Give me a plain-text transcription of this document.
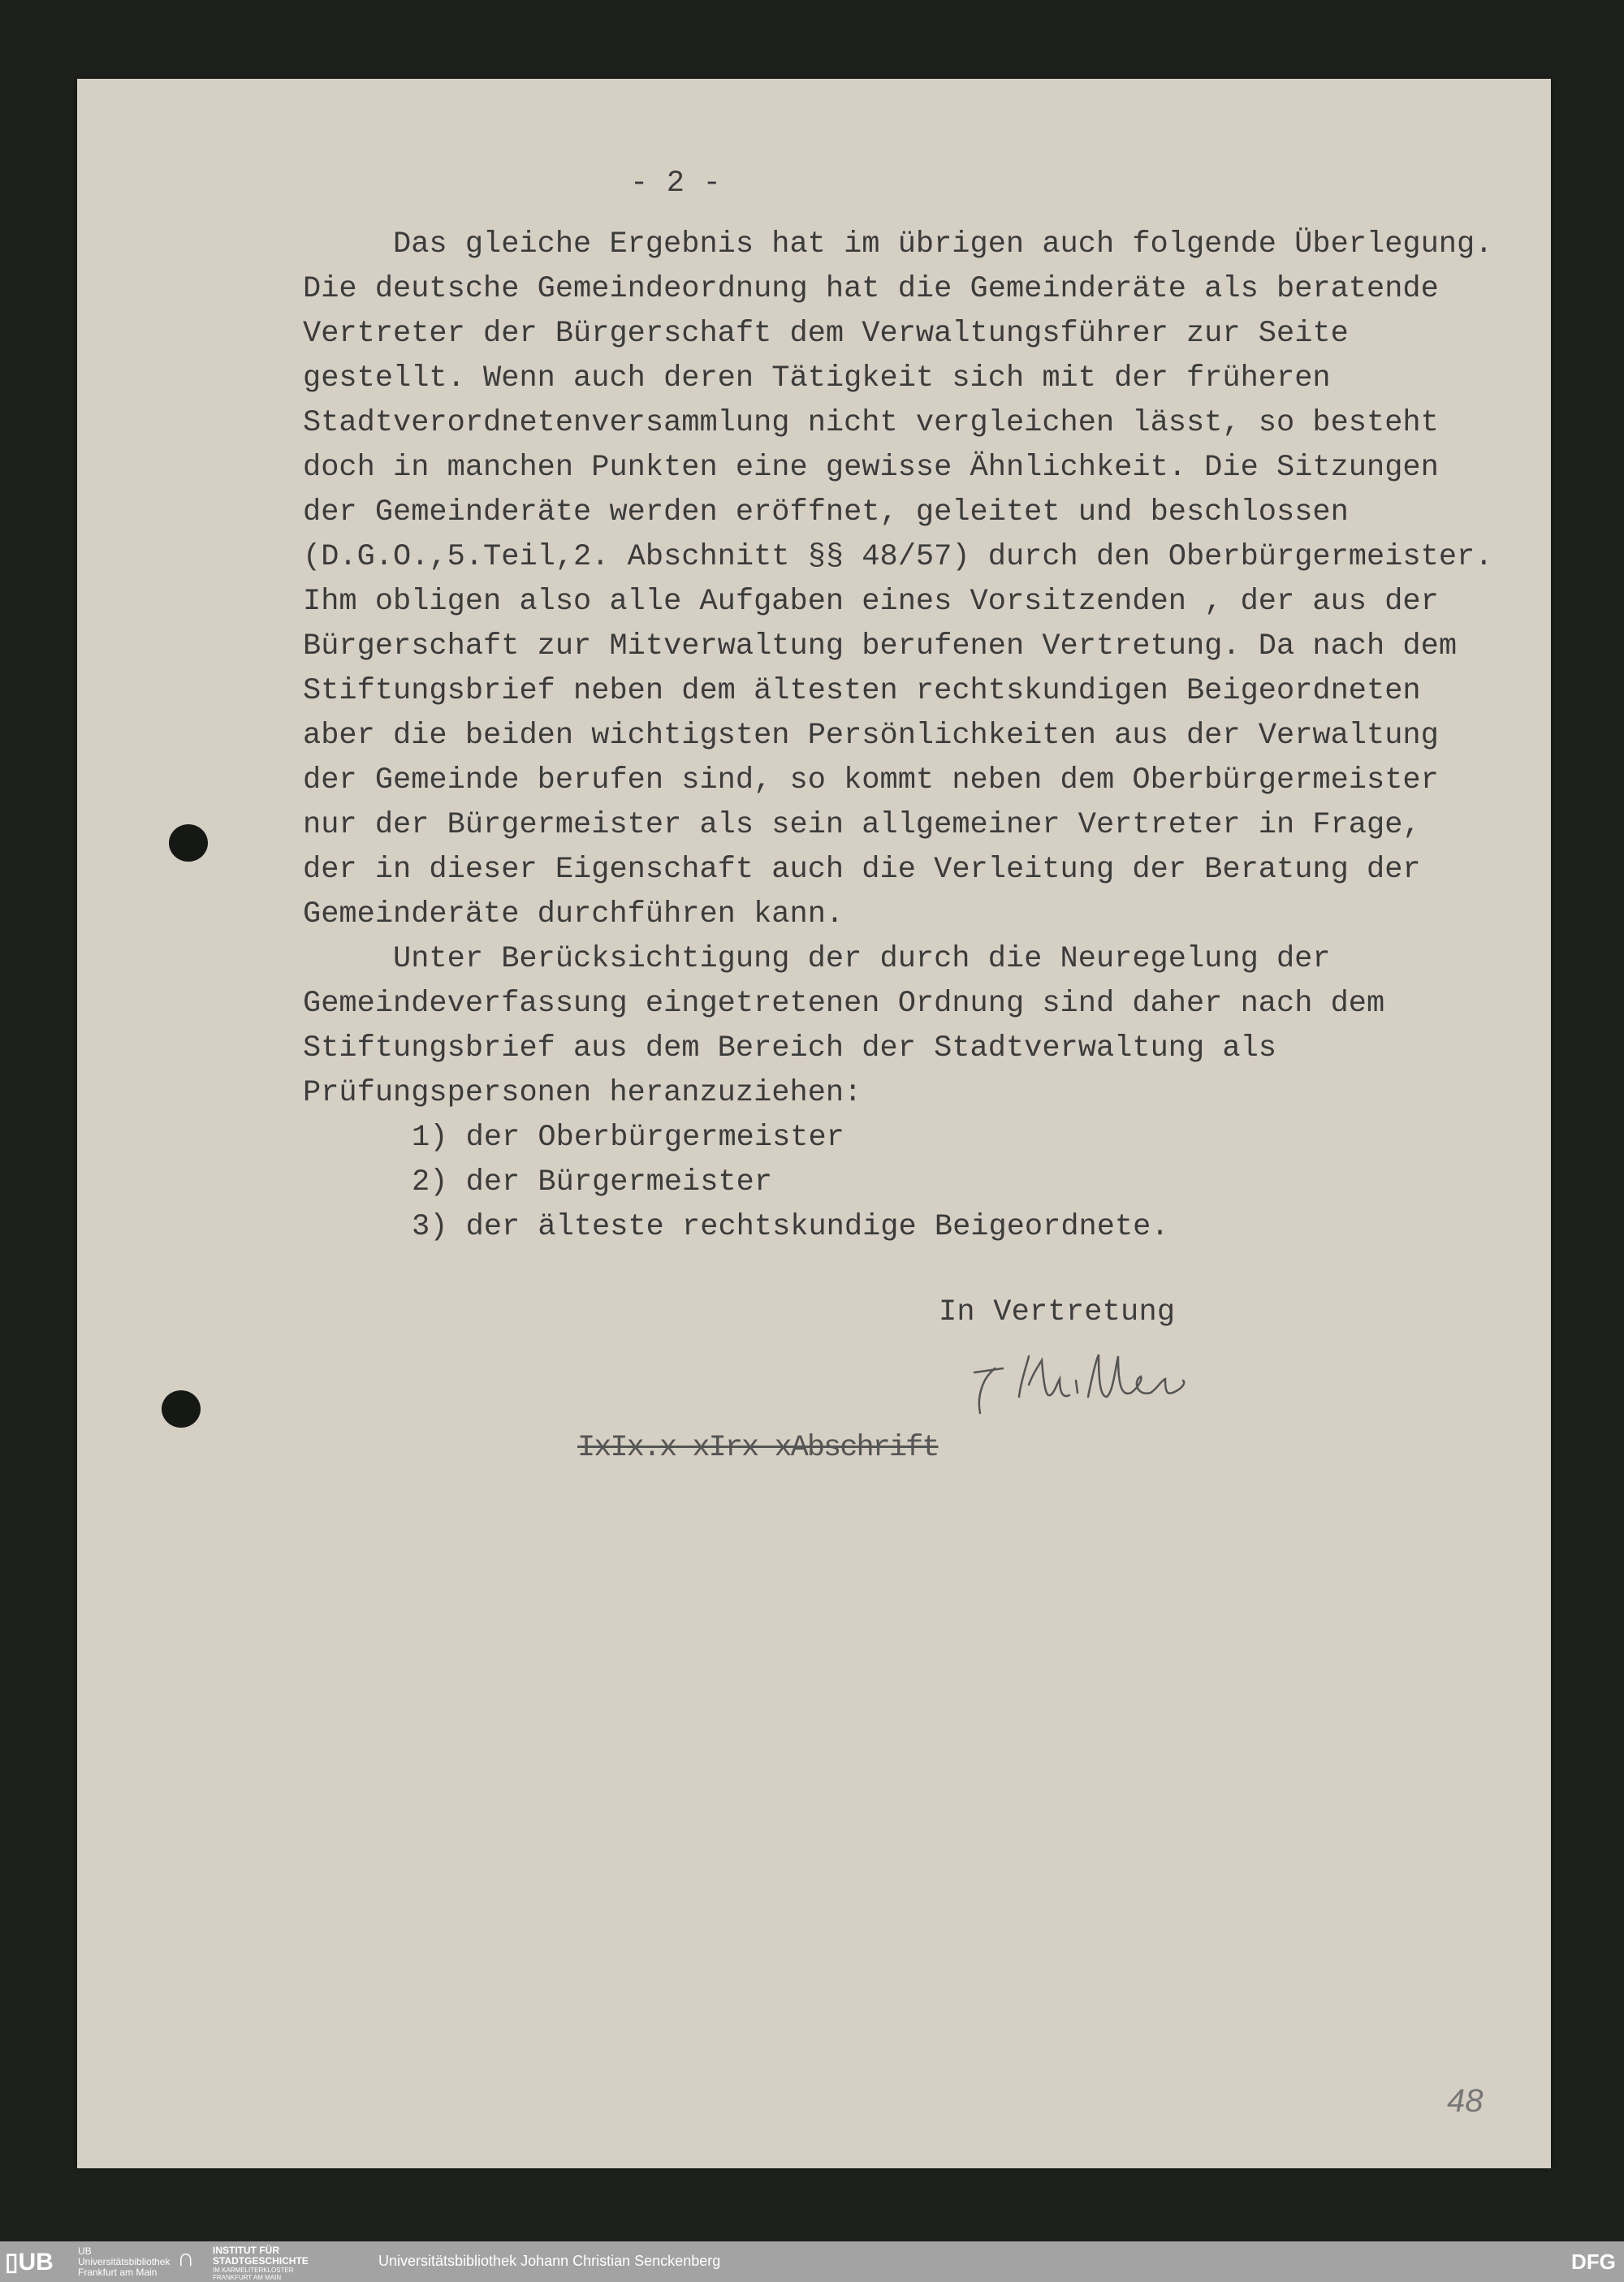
- 2 -
Das gleiche Ergebnis hat im übrigen auch folgende Überlegung.
Die deutsche Gemeindeordnung hat die Gemeinderäte als beratende
Vertreter der Bürgerschaft dem Verwaltungsführer zur Seite
gestellt. Wenn auch deren Tätigkeit sich mit der früheren
Stadtverordnetenversammlung nicht vergleichen lässt, so besteht
doch in manchen Punkten eine gewisse Ähnlichkeit. Die Sitzungen
der Gemeinderäte werden eröffnet, geleitet und beschlossen
(D.G.O.,5.Teil,2. Abschnitt §§ 48/57) durch den Oberbürgermeister.
Ihm obligen also alle Aufgaben eines Vorsitzenden , der aus der
Bürgerschaft zur Mitverwaltung berufenen Vertretung. Da nach dem
Stiftungsbrief neben dem ältesten rechtskundigen Beigeordneten
aber die beiden wichtigsten Persönlichkeiten aus der Verwaltung
der Gemeinde berufen sind, so kommt neben dem Oberbürgermeister
nur der Bürgermeister als sein allgemeiner Vertreter in Frage,
der in dieser Eigenschaft auch die Verleitung der Beratung der
Gemeinderäte durchführen kann.
Unter Berücksichtigung der durch die Neuregelung der
Gemeindeverfassung eingetretenen Ordnung sind daher nach dem
Stiftungsbrief aus dem Bereich der Stadtverwaltung als
Prüfungspersonen heranzuziehen:
1) der Oberbürgermeister
2) der Bürgermeister
3) der älteste rechtskundige Beigeordnete.
In Vertretung
IxIx.x xIrx xAbschrift
48
▯UB	UB Universitätsbibliothek Frankfurt am Main
∩ INSTITUT FÜR STADTGESCHICHTE
IM KARMELITERKLOSTER FRANKFURT AM MAIN
Universitätsbibliothek Johann Christian Senckenberg	DFG
